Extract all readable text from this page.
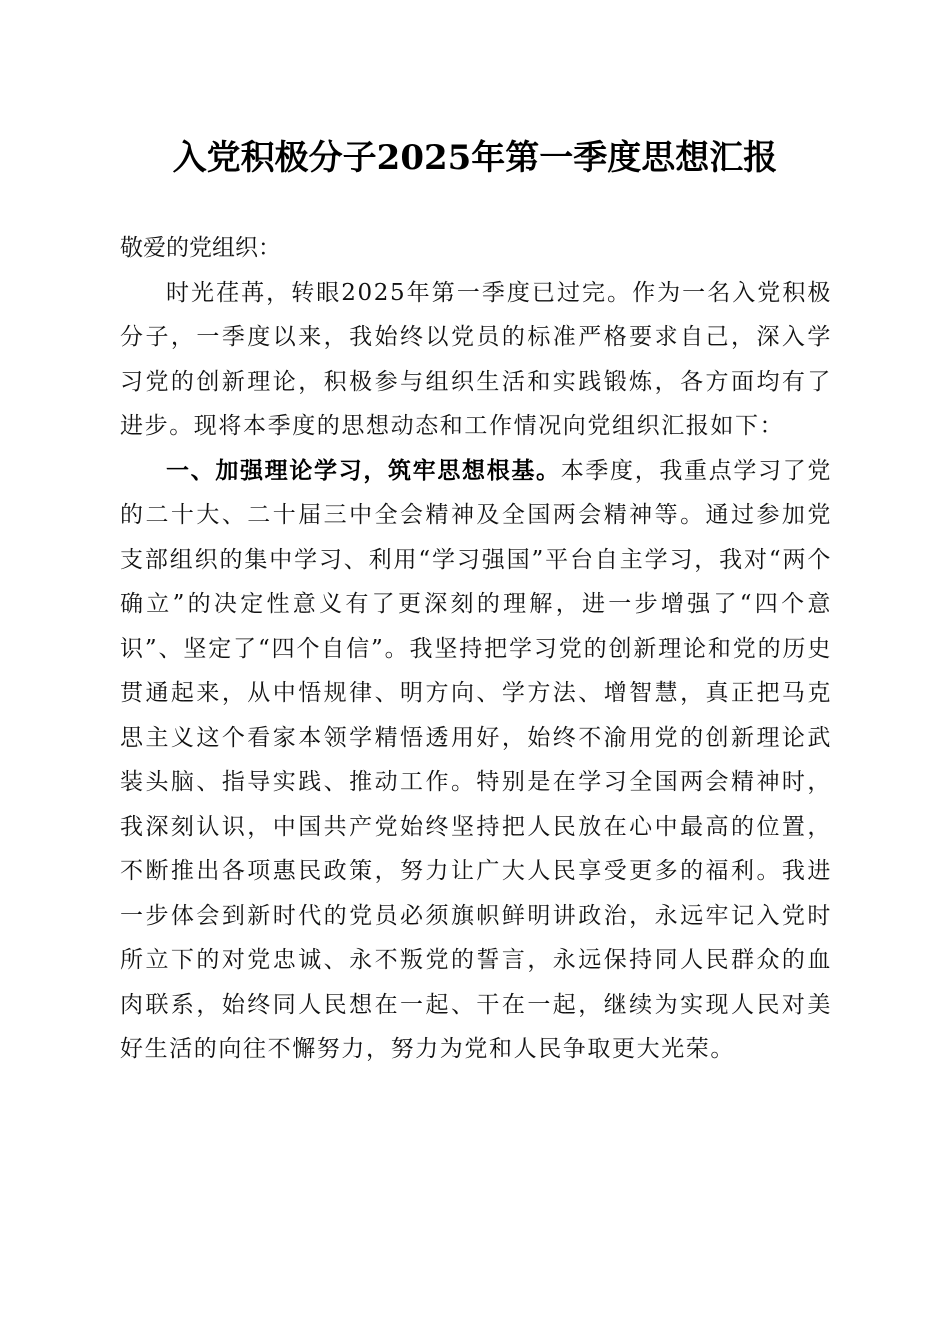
入党积极分子2025年第一季度思想汇报

敬爱的党组织：

时光荏苒，转眼2025年第一季度已过完。作为一名入党积极分子，一季度以来，我始终以党员的标准严格要求自己，深入学习党的创新理论，积极参与组织生活和实践锻炼，各方面均有了进步。现将本季度的思想动态和工作情况向党组织汇报如下：

一、加强理论学习，筑牢思想根基。本季度，我重点学习了党的二十大、二十届三中全会精神及全国两会精神等。通过参加党支部组织的集中学习、利用“学习强国”平台自主学习，我对“两个确立”的决定性意义有了更深刻的理解，进一步增强了“四个意识”、坚定了“四个自信”。我坚持把学习党的创新理论和党的历史贯通起来，从中悟规律、明方向、学方法、增智慧，真正把马克思主义这个看家本领学精悟透用好，始终不渝用党的创新理论武装头脑、指导实践、推动工作。特别是在学习全国两会精神时，我深刻认识，中国共产党始终坚持把人民放在心中最高的位置，不断推出各项惠民政策，努力让广大人民享受更多的福利。我进一步体会到新时代的党员必须旗帜鲜明讲政治，永远牢记入党时所立下的对党忠诚、永不叛党的誓言，永远保持同人民群众的血肉联系，始终同人民想在一起、干在一起，继续为实现人民对美好生活的向往不懈努力，努力为党和人民争取更大光荣。
